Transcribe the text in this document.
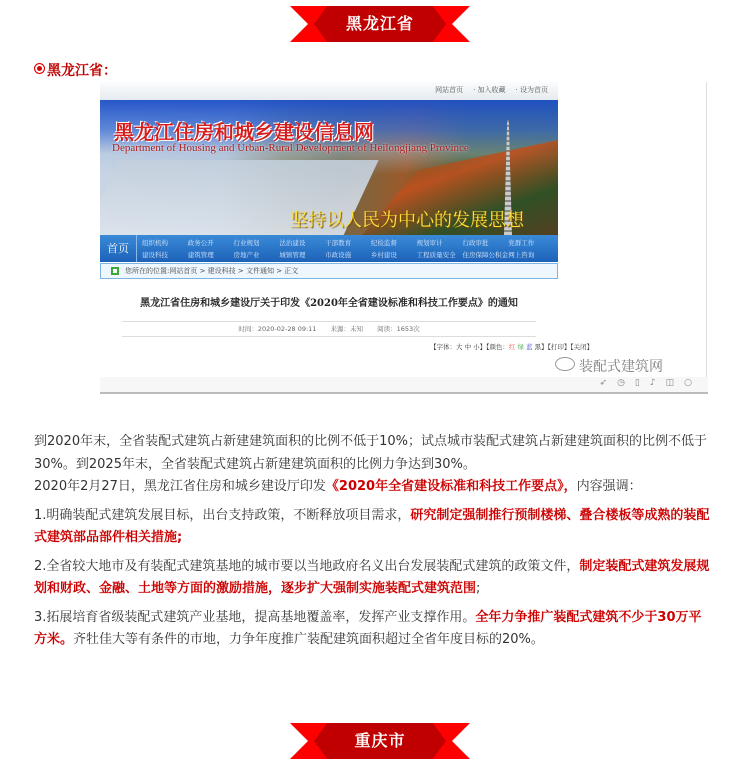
黑龙江省
黑龙江省：
网站首页 · 加入收藏 · 设为首页
黑龙江住房和城乡建设信息网
Department of Housing and Urban-Rural Development of Heilongjiang Province
坚持以人民为中心的发展思想
首页	组织机构	政务公开	行业规划	法治建设	干部教育	纪检监督	规划审计	行政审批	党群工作
建设科技	建筑管理	房地产业	城镇管理	市政设施	乡村建设	工程质量安全	住房保障公积金 网上咨询
您所在的位置:网站首页 > 建设科技 > 文件通知 > 正文
黑龙江省住房和城乡建设厅关于印发《2020年全省建设标准和科技工作要点》的通知
时间：2020-02-28 09:11 来源：未知 阅读：1653次
【字体：大 中 小】【颜色：红 绿 蓝 黑】【打印】【关闭】
装配式建筑网
➶◷▯♪◫○

到2020年末，全省装配式建筑占新建建筑面积的比例不低于10%；试点城市装配式建筑占新建建筑面积的比例不低于30%。到2025年末，全省装配式建筑占新建建筑面积的比例力争达到30%。

2020年2月27日，黑龙江省住房和城乡建设厅印发《2020年全省建设标准和科技工作要点》，内容强调：

1.明确装配式建筑发展目标，出台支持政策，不断释放项目需求，研究制定强制推行预制楼梯、叠合楼板等成熟的装配式建筑部品部件相关措施;

2.全省较大地市及有装配式建筑基地的城市要以当地政府名义出台发展装配式建筑的政策文件，制定装配式建筑发展规划和财政、金融、土地等方面的激励措施，逐步扩大强制实施装配式建筑范围;

3.拓展培育省级装配式建筑产业基地，提高基地覆盖率，发挥产业支撑作用。全年力争推广装配式建筑不少于30万平方米。齐牡佳大等有条件的市地，力争年度推广装配建筑面积超过全省年度目标的20%。

重庆市
